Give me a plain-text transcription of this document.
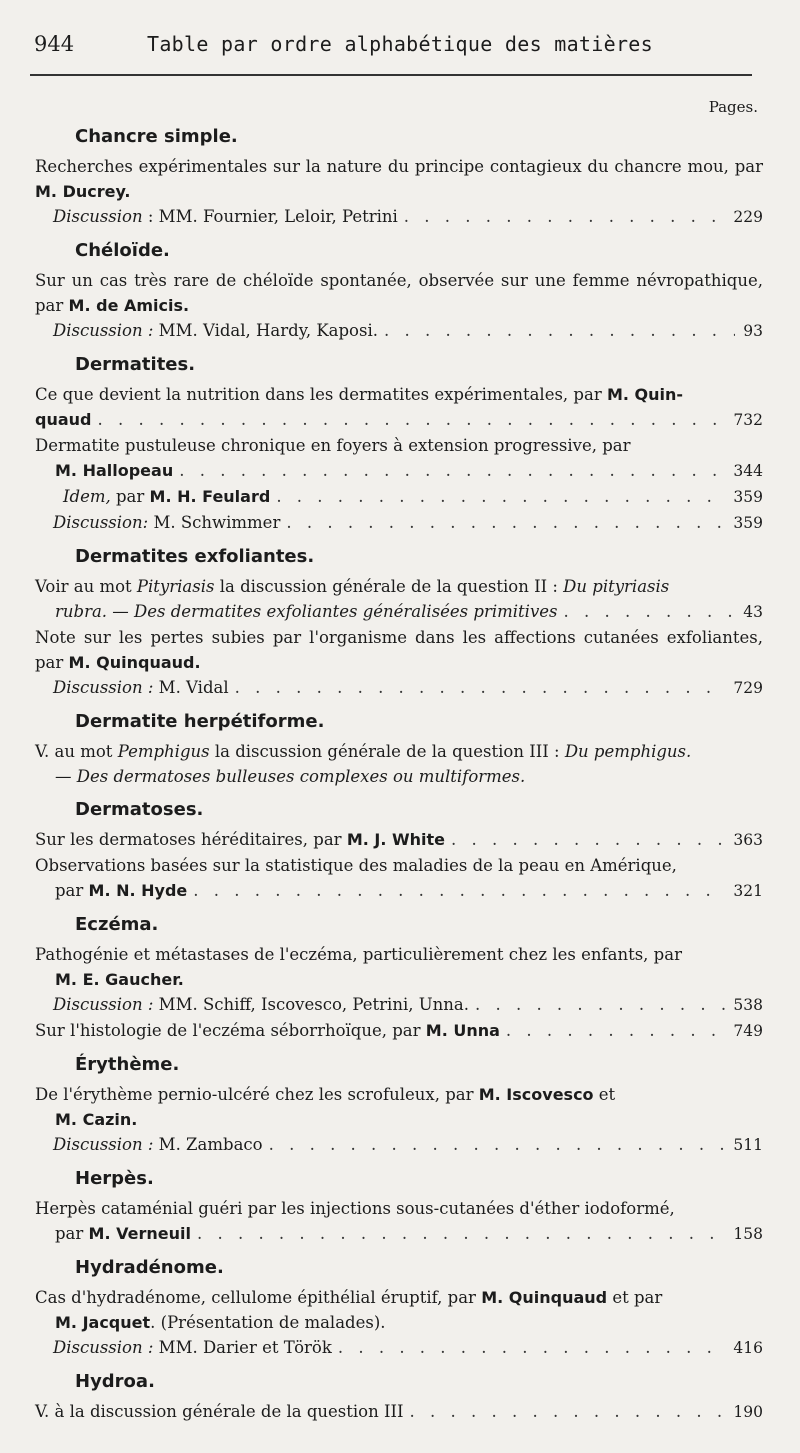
944	Table par ordre alphabétique des matières
Pages.
Chancre simple.
Recherches expérimentales sur la nature du principe contagieux du chancre mou, par M. Ducrey.
Discussion : MM. Fournier, Leloir, Petrini . . .	229
Chéloïde.
Sur un cas très rare de chéloïde spontanée, observée sur une femme névropathique, par M. de Amicis.
Discussion : MM. Vidal, Hardy, Kaposi. . . .	93
Dermatites.
Ce que devient la nutrition dans les dermatites expérimentales, par M. Quin-
quaud . . .	732
Dermatite pustuleuse chronique en foyers à extension progressive, par
M. Hallopeau . . .	344
Idem, par M. H. Feulard . . .	359
Discussion: M. Schwimmer . . .	359
Dermatites exfoliantes.
Voir au mot Pityriasis la discussion générale de la question II : Du pityriasis
rubra. — Des dermatites exfoliantes généralisées primitives . . .	43
Note sur les pertes subies par l'organisme dans les affections cutanées exfoliantes, par M. Quinquaud.
Discussion : M. Vidal . . .	729
Dermatite herpétiforme.
V. au mot Pemphigus la discussion générale de la question III : Du pemphigus.
— Des dermatoses bulleuses complexes ou multiformes.
Dermatoses.
Sur les dermatoses héréditaires, par M. J. White . . .	363
Observations basées sur la statistique des maladies de la peau en Amérique,
par M. N. Hyde . . .	321
Eczéma.
Pathogénie et métastases de l'eczéma, particulièrement chez les enfants, par
M. E. Gaucher.
Discussion : MM. Schiff, Iscovesco, Petrini, Unna. . . .	538
Sur l'histologie de l'eczéma séborrhoïque, par M. Unna . . .	749
Érythème.
De l'érythème pernio-ulcéré chez les scrofuleux, par M. Iscovesco et
M. Cazin.
Discussion : M. Zambaco . . .	511
Herpès.
Herpès cataménial guéri par les injections sous-cutanées d'éther iodoformé,
par M. Verneuil . . .	158
Hydradénome.
Cas d'hydradénome, cellulome épithélial éruptif, par M. Quinquaud et par
M. Jacquet. (Présentation de malades).
Discussion : MM. Darier et Török . . .	416
Hydroa.
V. à la discussion générale de la question III . . .	190
